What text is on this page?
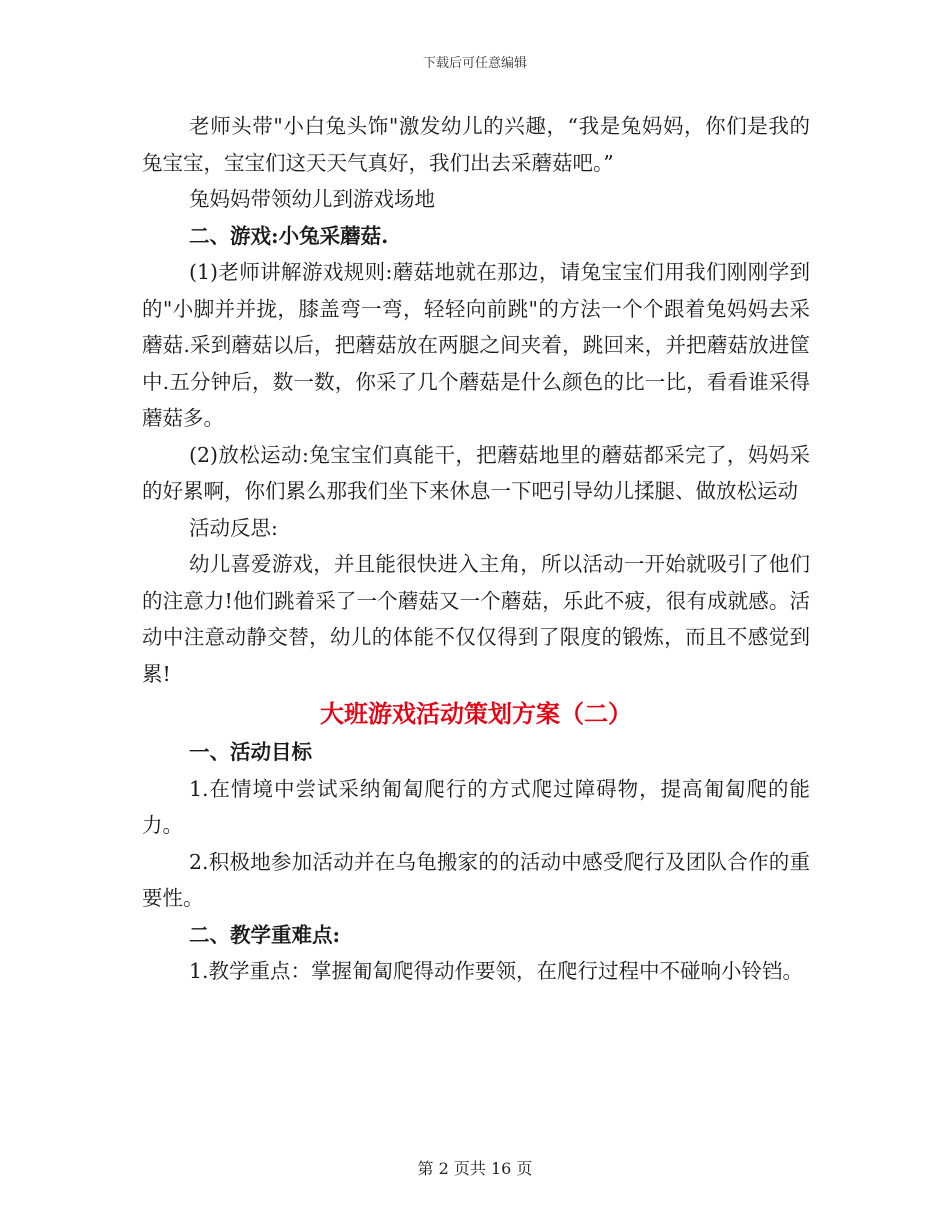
下载后可任意编辑

老师头带"小白兔头饰"激发幼儿的兴趣，“我是兔妈妈，你们是我的兔宝宝，宝宝们这天天气真好，我们出去采蘑菇吧。”

兔妈妈带领幼儿到游戏场地

二、游戏:小兔采蘑菇.

(1)老师讲解游戏规则:蘑菇地就在那边，请兔宝宝们用我们刚刚学到的"小脚并并拢，膝盖弯一弯，轻轻向前跳"的方法一个个跟着兔妈妈去采蘑菇.采到蘑菇以后，把蘑菇放在两腿之间夹着，跳回来，并把蘑菇放进筐中.五分钟后，数一数，你采了几个蘑菇是什么颜色的比一比，看看谁采得蘑菇多。

(2)放松运动:兔宝宝们真能干，把蘑菇地里的蘑菇都采完了，妈妈采的好累啊，你们累么那我们坐下来休息一下吧引导幼儿揉腿、做放松运动

活动反思:

幼儿喜爱游戏，并且能很快进入主角，所以活动一开始就吸引了他们的注意力!他们跳着采了一个蘑菇又一个蘑菇，乐此不疲，很有成就感。活动中注意动静交替，幼儿的体能不仅仅得到了限度的锻炼，而且不感觉到累!

大班游戏活动策划方案（二）

一、活动目标

1.在情境中尝试采纳匍匐爬行的方式爬过障碍物，提高匍匐爬的能力。

2.积极地参加活动并在乌龟搬家的的活动中感受爬行及团队合作的重要性。

二、教学重难点:

1.教学重点：掌握匍匐爬得动作要领，在爬行过程中不碰响小铃铛。

第 2 页共 16 页
